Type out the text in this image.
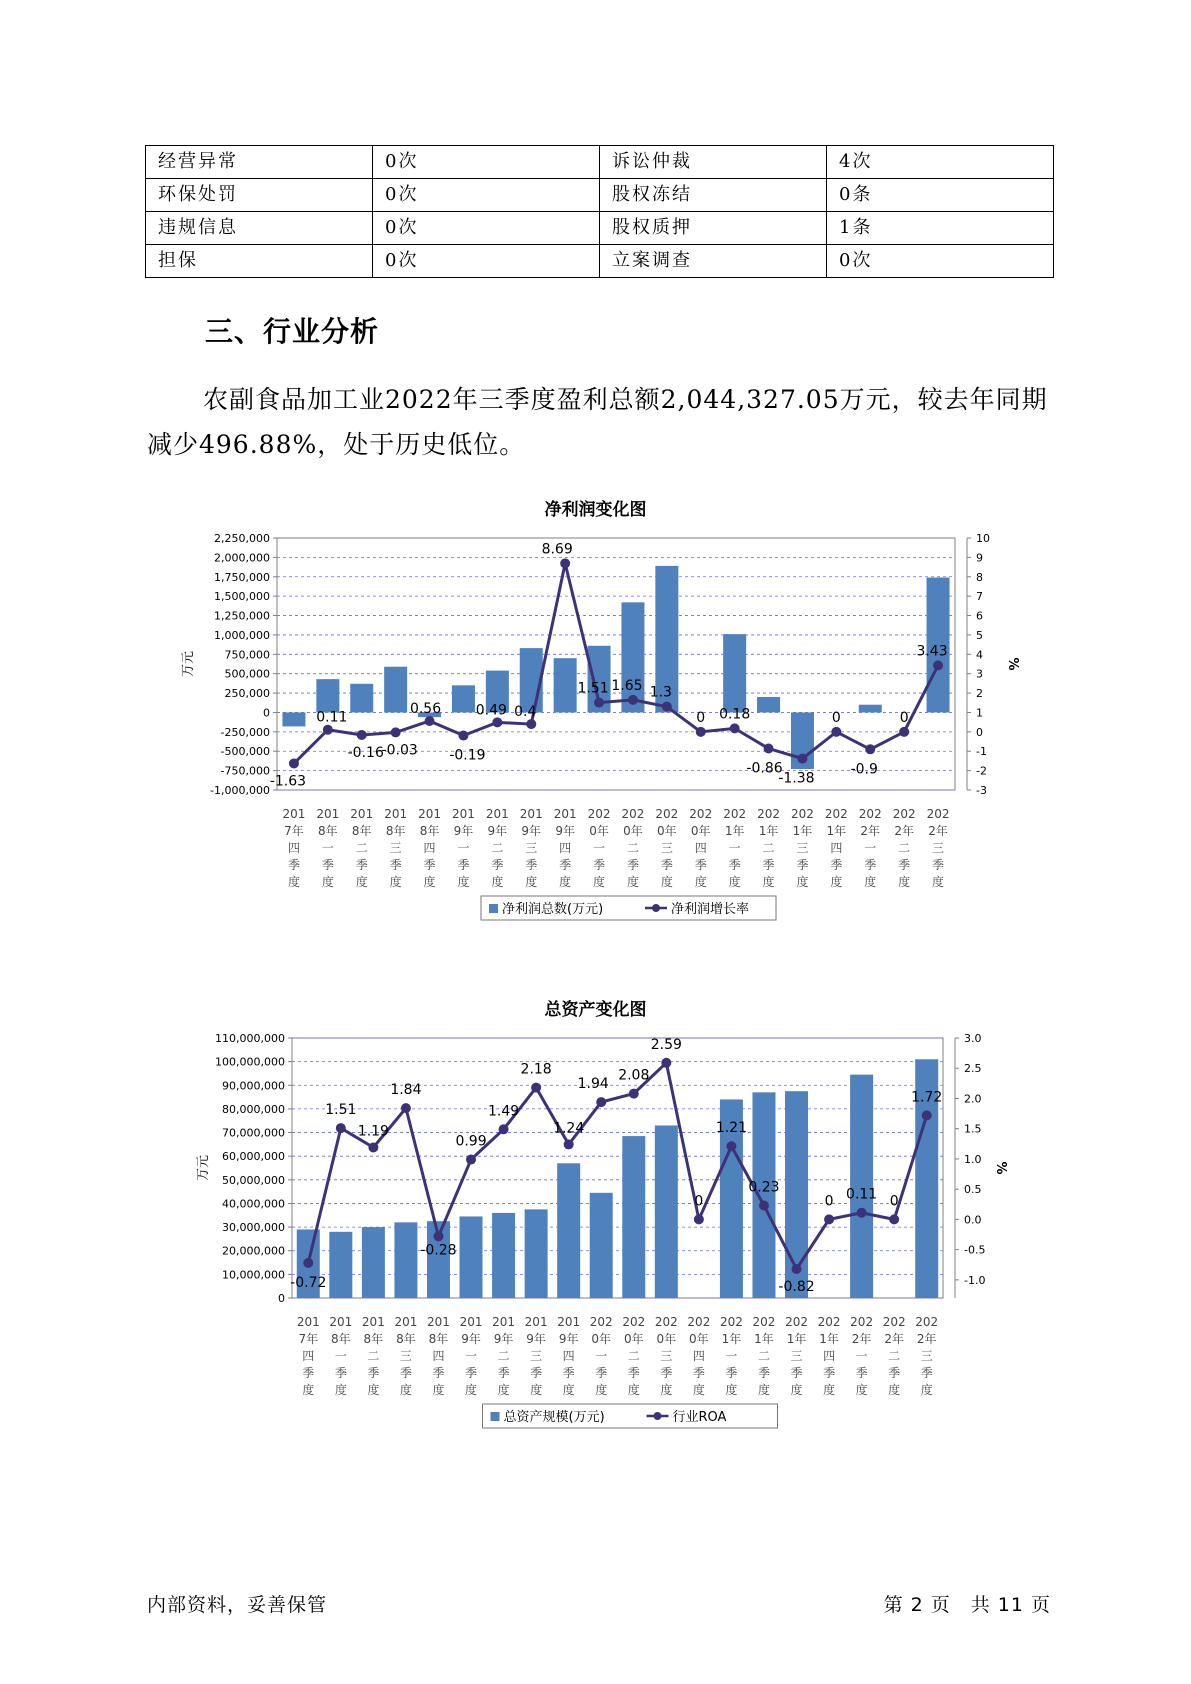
经营异常	0次	诉讼仲裁	4次
环保处罚	0次	股权冻结	0条
违规信息	0次	股权质押	1条
担保	0次	立案调查	0次
三、行业分析

农副食品加工业2022年三季度盈利总额2,044,327.05万元，较去年同期减少496.88%，处于历史低位。

净利润变化图
-1,000,000
-750,000
-500,000
-250,000
0
250,000
500,000
750,000
1,000,000
1,250,000
1,500,000
1,750,000
2,000,000
2,250,000
-3
-2
-1
0
1
2
3
4
5
6
7
8
9
10
万元	%
-1.63
0.11
-0.16
-0.03
0.56
-0.19
0.49 0.4
8.69
1.51 1.65 1.3
0 0.18
-0.86
-1.38
0
-0.9
0
3.43
201
7年
四
季
度
201
8年
一
季
度
201
8年
二
季
度
201
8年
三
季
度
201
8年
四
季
度
201
9年
一
季
度
201
9年
二
季
度
201
9年
三
季
度
201
9年
四
季
度
202
0年
一
季
度
202
0年
二
季
度
202
0年
三
季
度
202
0年
四
季
度
202
1年
一
季
度
202
1年
二
季
度
202
1年
三
季
度
202
1年
四
季
度
202
2年
一
季
度
202
2年
二
季
度
202
2年
三
季
度
净利润总数(万元)	净利润增长率
总资产变化图
0
10,000,000
20,000,000
30,000,000
40,000,000
50,000,000
60,000,000
70,000,000
80,000,000
90,000,000
100,000,000
110,000,000
-1.0
-0.5
0.0
0.5
1.0
1.5
2.0
2.5
3.0
万元	%
-0.72
1.51
1.19
1.84
-0.28
0.99
1.49
2.18
1.24
1.94
2.08
2.59
0
1.21
0.23
-0.82
0 0.11 0
1.72
201
7年
四
季
度
201
8年
一
季
度
201
8年
二
季
度
201
8年
三
季
度
201
8年
四
季
度
201
9年
一
季
度
201
9年
二
季
度
201
9年
三
季
度
201
9年
四
季
度
202
0年
一
季
度
202
0年
二
季
度
202
0年
三
季
度
202
0年
四
季
度
202
1年
一
季
度
202
1年
二
季
度
202
1年
三
季
度
202
1年
四
季
度
202
2年
一
季
度
202
2年
二
季
度
202
2年
三
季
度
总资产规模(万元)	行业ROA
内部资料，妥善保管	第 2 页　共 11 页
